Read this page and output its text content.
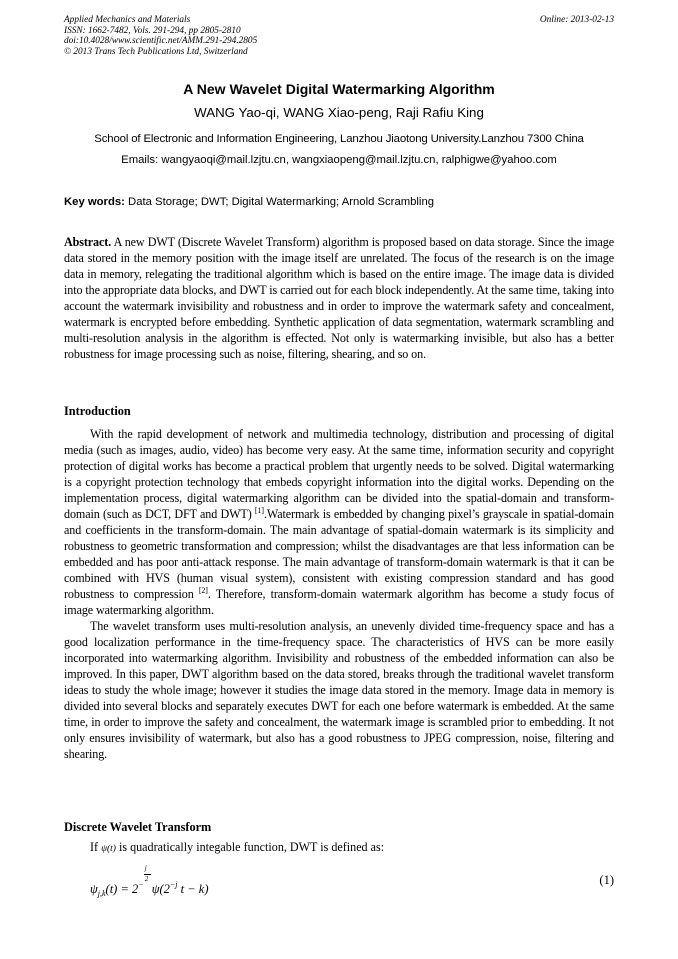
Applied Mechanics and Materials
ISSN: 1662-7482, Vols. 291-294, pp 2805-2810
doi:10.4028/www.scientific.net/AMM.291-294.2805
© 2013 Trans Tech Publications Ltd, Switzerland
Online: 2013-02-13
A New Wavelet Digital Watermarking Algorithm
WANG Yao-qi, WANG Xiao-peng, Raji Rafiu King
School of Electronic and Information Engineering, Lanzhou Jiaotong University.Lanzhou 7300 China
Emails: wangyaoqi@mail.lzjtu.cn, wangxiaopeng@mail.lzjtu.cn, ralphigwe@yahoo.com
Key words: Data Storage; DWT; Digital Watermarking; Arnold Scrambling
Abstract. A new DWT (Discrete Wavelet Transform) algorithm is proposed based on data storage. Since the image data stored in the memory position with the image itself are unrelated. The focus of the research is on the image data in memory, relegating the traditional algorithm which is based on the entire image. The image data is divided into the appropriate data blocks, and DWT is carried out for each block independently. At the same time, taking into account the watermark invisibility and robustness and in order to improve the watermark safety and concealment, watermark is encrypted before embedding. Synthetic application of data segmentation, watermark scrambling and multi-resolution analysis in the algorithm is effected. Not only is watermarking invisible, but also has a better robustness for image processing such as noise, filtering, shearing, and so on.
Introduction

With the rapid development of network and multimedia technology, distribution and processing of digital media (such as images, audio, video) has become very easy. At the same time, information security and copyright protection of digital works has become a practical problem that urgently needs to be solved. Digital watermarking is a copyright protection technology that embeds copyright information into the digital works. Depending on the implementation process, digital watermarking algorithm can be divided into the spatial-domain and transform-domain (such as DCT, DFT and DWT) [1].Watermark is embedded by changing pixel’s grayscale in spatial-domain and coefficients in the transform-domain. The main advantage of spatial-domain watermark is its simplicity and robustness to geometric transformation and compression; whilst the disadvantages are that less information can be embedded and has poor anti-attack response. The main advantage of transform-domain watermark is that it can be combined with HVS (human visual system), consistent with existing compression standard and has good robustness to compression [2]. Therefore, transform-domain watermark algorithm has become a study focus of image watermarking algorithm.

The wavelet transform uses multi-resolution analysis, an unevenly divided time-frequency space and has a good localization performance in the time-frequency space. The characteristics of HVS can be more easily incorporated into watermarking algorithm. Invisibility and robustness of the embedded information can also be improved. In this paper, DWT algorithm based on the data stored, breaks through the traditional wavelet transform ideas to study the whole image; however it studies the image data stored in the memory. Image data in memory is divided into several blocks and separately executes DWT for each one before watermark is embedded. At the same time, in order to improve the safety and concealment, the watermark image is scrambled prior to embedding. It not only ensures invisibility of watermark, but also has a good robustness to JPEG compression, noise, filtering and shearing.

Discrete Wavelet Transform
If ψ(t) is quadratically integable function, DWT is defined as:
$\psi_{j,k}(t) = 2^- \frac{j}{2} \psi(2^{-j}$ t − k)
(1)
